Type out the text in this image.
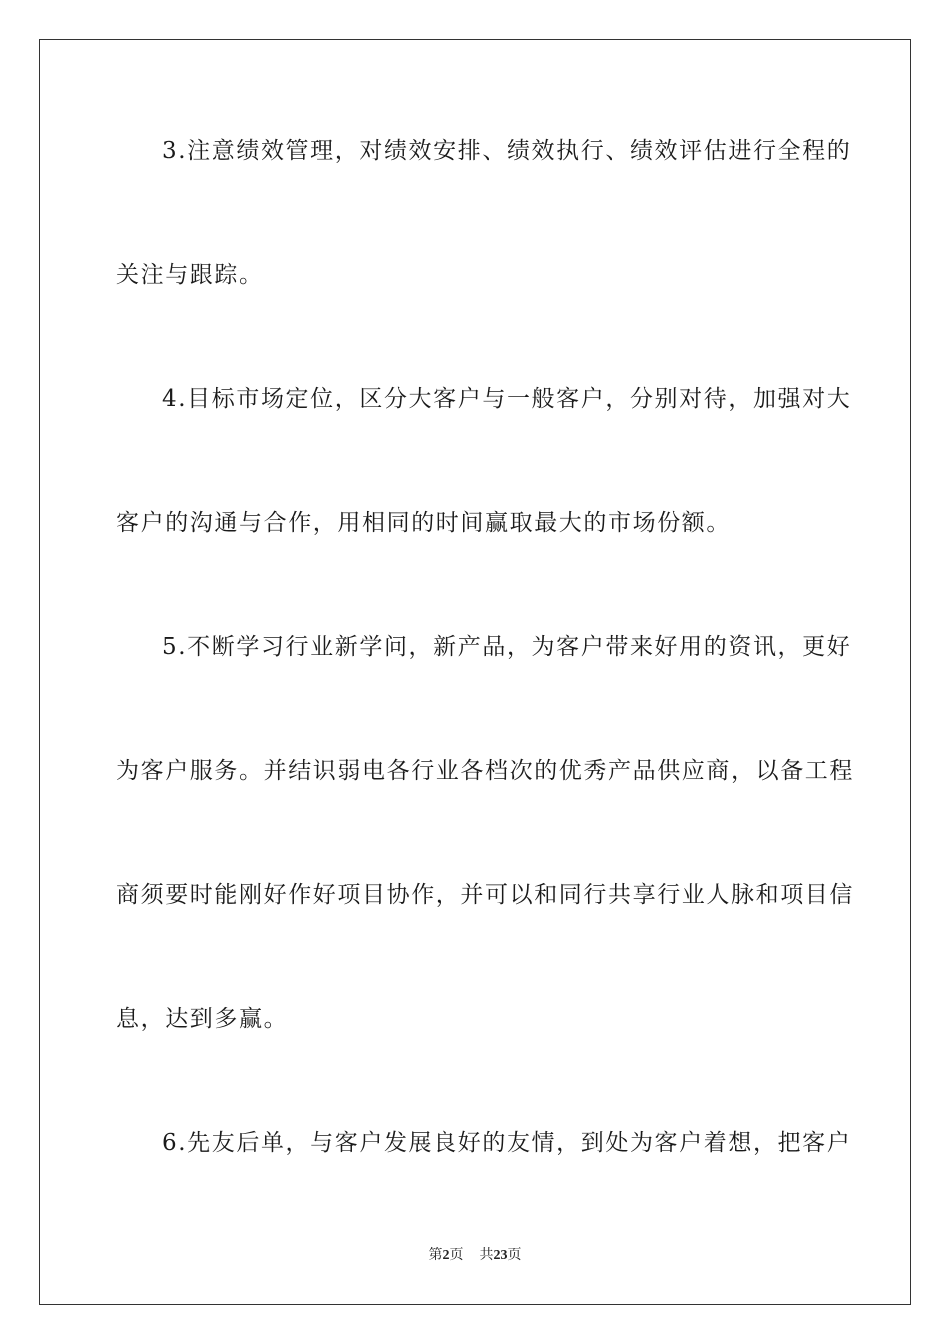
3.注意绩效管理，对绩效安排、绩效执行、绩效评估进行全程的
关注与跟踪。
4.目标市场定位，区分大客户与一般客户，分别对待，加强对大
客户的沟通与合作，用相同的时间赢取最大的市场份额。
5.不断学习行业新学问，新产品，为客户带来好用的资讯，更好
为客户服务。并结识弱电各行业各档次的优秀产品供应商，以备工程
商须要时能刚好作好项目协作，并可以和同行共享行业人脉和项目信
息，达到多赢。
6.先友后单，与客户发展良好的友情，到处为客户着想，把客户
第2页 共23页
